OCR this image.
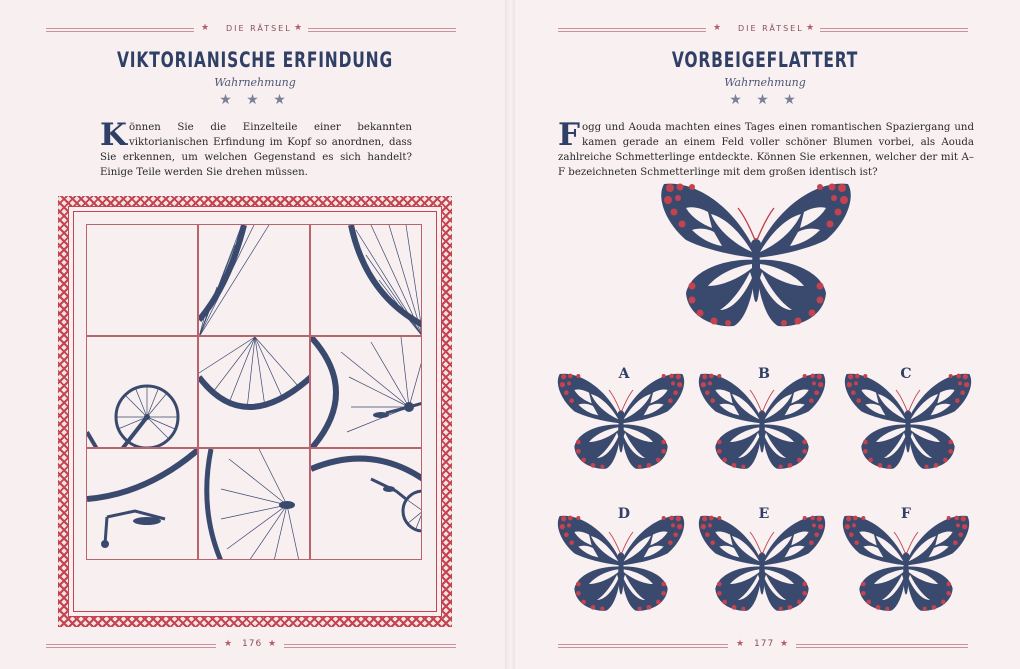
★ DIE RÄTSEL ★
VIKTORIANISCHE ERFINDUNG
Wahrnehmung
★ ★ ★
Können Sie die Einzelteile einer bekannten viktorianischen Erfindung im Kopf so anordnen, dass Sie erkennen, um welchen Gegenstand es sich handelt? Einige Teile werden Sie drehen müssen.
★ 176 ★
★ DIE RÄTSEL ★
VORBEIGEFLATTERT
Wahrnehmung
★ ★ ★
Fogg und Aouda machten eines Tages einen romantischen Spaziergang und kamen gerade an einem Feld voller schöner Blumen vorbei, als Aouda zahlreiche Schmetterlinge entdeckte. Können Sie erkennen, welcher der mit A–F bezeichneten Schmetterlinge mit dem großen identisch ist?
A	B	C
D	E	F
★ 177 ★
